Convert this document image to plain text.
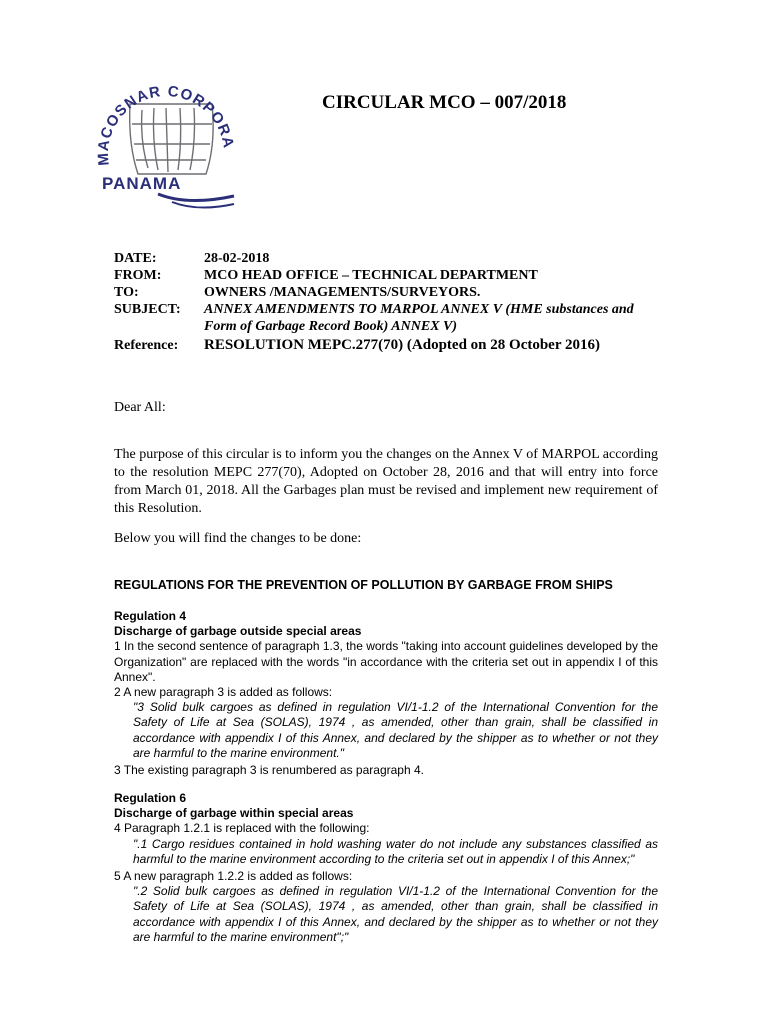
MACOSNAR CORPORA
PANAMA
CIRCULAR MCO – 007/2018
DATE:	28-02-2018
FROM:	MCO HEAD OFFICE – TECHNICAL DEPARTMENT
TO:	OWNERS /MANAGEMENTS/SURVEYORS.
SUBJECT:	ANNEX AMENDMENTS TO MARPOL ANNEX V (HME substances and
Form of Garbage Record Book) ANNEX V)
Reference:	RESOLUTION MEPC.277(70) (Adopted on 28 October 2016)
Dear All:
The purpose of this circular is to inform you the changes on the Annex V of MARPOL according to the resolution MEPC 277(70), Adopted on October 28, 2016 and that will entry into force from March 01, 2018. All the Garbages plan must be revised and implement new requirement of this Resolution.
Below you will find the changes to be done:
REGULATIONS FOR THE PREVENTION OF POLLUTION BY GARBAGE FROM SHIPS
Regulation 4
Discharge of garbage outside special areas
1 In the second sentence of paragraph 1.3, the words "taking into account guidelines developed by the Organization" are replaced with the words "in accordance with the criteria set out in appendix I of this Annex".
2 A new paragraph 3 is added as follows:
"3 Solid bulk cargoes as defined in regulation VI/1-1.2 of the International Convention for the Safety of Life at Sea (SOLAS), 1974 , as amended, other than grain, shall be classified in accordance with appendix I of this Annex, and declared by the shipper as to whether or not they are harmful to the marine environment."
3 The existing paragraph 3 is renumbered as paragraph 4.
Regulation 6
Discharge of garbage within special areas
4 Paragraph 1.2.1 is replaced with the following:
".1 Cargo residues contained in hold washing water do not include any substances classified as harmful to the marine environment according to the criteria set out in appendix I of this Annex;"
5 A new paragraph 1.2.2 is added as follows:
".2 Solid bulk cargoes as defined in regulation VI/1-1.2 of the International Convention for the Safety of Life at Sea (SOLAS), 1974 , as amended, other than grain, shall be classified in accordance with appendix I of this Annex, and declared by the shipper as to whether or not they are harmful to the marine environment";"
